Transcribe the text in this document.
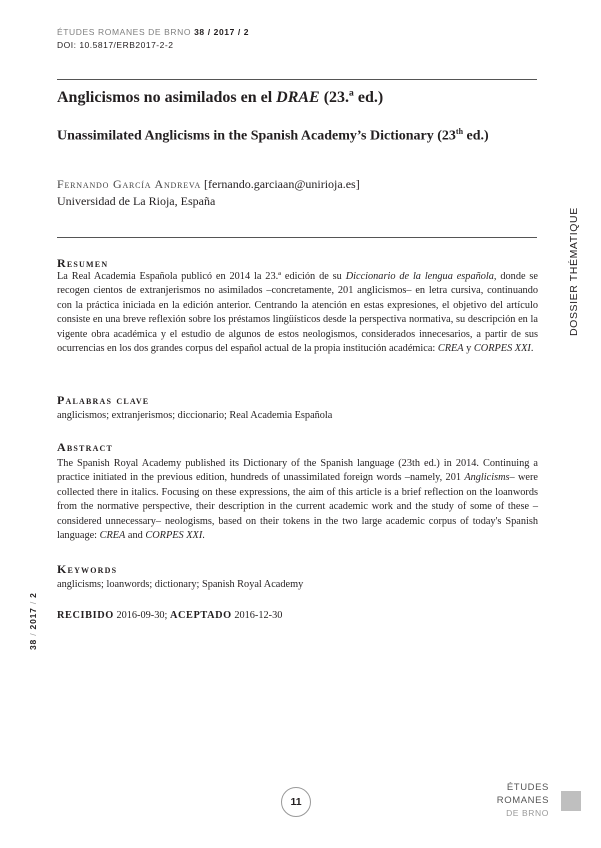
ÉTUDES ROMANES DE BRNO 38 / 2017 / 2
DOI: 10.5817/ERB2017-2-2
Anglicismos no asimilados en el DRAE (23.ª ed.)
Unassimilated Anglicisms in the Spanish Academy’s Dictionary (23th ed.)
Fernando García Andreva [fernando.garciaan@unirioja.es]
Universidad de La Rioja, España
Resumen
La Real Academia Española publicó en 2014 la 23.ª edición de su Diccionario de la lengua española, donde se recogen cientos de extranjerismos no asimilados –concretamente, 201 anglicismos– en letra cursiva, continuando con la práctica iniciada en la edición anterior. Centrando la atención en estas expresiones, el objetivo del artículo consiste en una breve reflexión sobre los préstamos lingüísticos desde la perspectiva normativa, su descripción en la vigente obra académica y el estudio de algunos de estos neologismos, considerados innecesarios, a partir de sus ocurrencias en los dos grandes corpus del español actual de la propia institución académica: CREA y CORPES XXI.
Palabras clave
anglicismos; extranjerismos; diccionario; Real Academia Española
Abstract
The Spanish Royal Academy published its Dictionary of the Spanish language (23th ed.) in 2014. Continuing a practice initiated in the previous edition, hundreds of unassimilated foreign words –namely, 201 Anglicisms– were collected there in italics. Focusing on these expressions, the aim of this article is a brief reflection on the loanwords from the normative perspective, their description in the current academic work and the study of some of these –considered unnecessary– neologisms, based on their tokens in the two large academic corpus of today's Spanish language: CREA and CORPES XXI.
Keywords
anglicisms; loanwords; dictionary; Spanish Royal Academy
RECIBIDO 2016-09-30; ACEPTADO 2016-12-30
DOSSIER THÉMATIQUE
38 / 2017 / 2
11
ÉTUDES
ROMANES
DE BRNO
